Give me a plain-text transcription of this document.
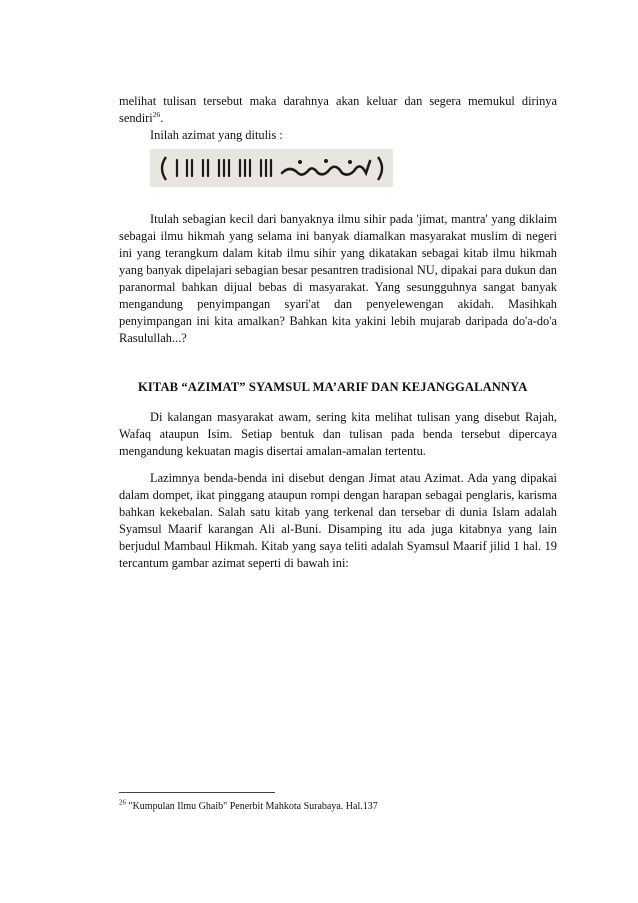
melihat tulisan tersebut maka darahnya akan keluar dan segera memukul dirinya sendiri$^{26}$.
Inilah azimat yang ditulis :
Itulah sebagian kecil dari banyaknya ilmu sihir pada 'jimat, mantra' yang diklaim sebagai ilmu hikmah yang selama ini banyak diamalkan masyarakat muslim di negeri ini yang terangkum dalam kitab ilmu sihir yang dikatakan sebagai kitab ilmu hikmah yang banyak dipelajari sebagian besar pesantren tradisional NU, dipakai para dukun dan paranormal bahkan dijual bebas di masyarakat. Yang sesungguhnya sangat banyak mengandung penyimpangan syari'at dan penyelewengan akidah. Masihkah penyimpangan ini kita amalkan? Bahkan kita yakini lebih mujarab daripada do'a-do'a Rasulullah...?
KITAB “AZIMAT” SYAMSUL MA’ARIF DAN KEJANGGALANNYA
Di kalangan masyarakat awam, sering kita melihat tulisan yang disebut Rajah, Wafaq ataupun Isim. Setiap bentuk dan tulisan pada benda tersebut dipercaya mengandung kekuatan magis disertai amalan-amalan tertentu.
Lazimnya benda-benda ini disebut dengan Jimat atau Azimat. Ada yang dipakai dalam dompet, ikat pinggang ataupun rompi dengan harapan sebagai penglaris, karisma bahkan kekebalan. Salah satu kitab yang terkenal dan tersebar di dunia Islam adalah Syamsul Maarif karangan Ali al-Buni. Disamping itu ada juga kitabnya yang lain berjudul Mambaul Hikmah. Kitab yang saya teliti adalah Syamsul Maarif jilid 1 hal. 19 tercantum gambar azimat seperti di bawah ini:
$^{26}$ "Kumpulan Ilmu Ghaib" Penerbit Mahkota Surabaya. Hal.137
